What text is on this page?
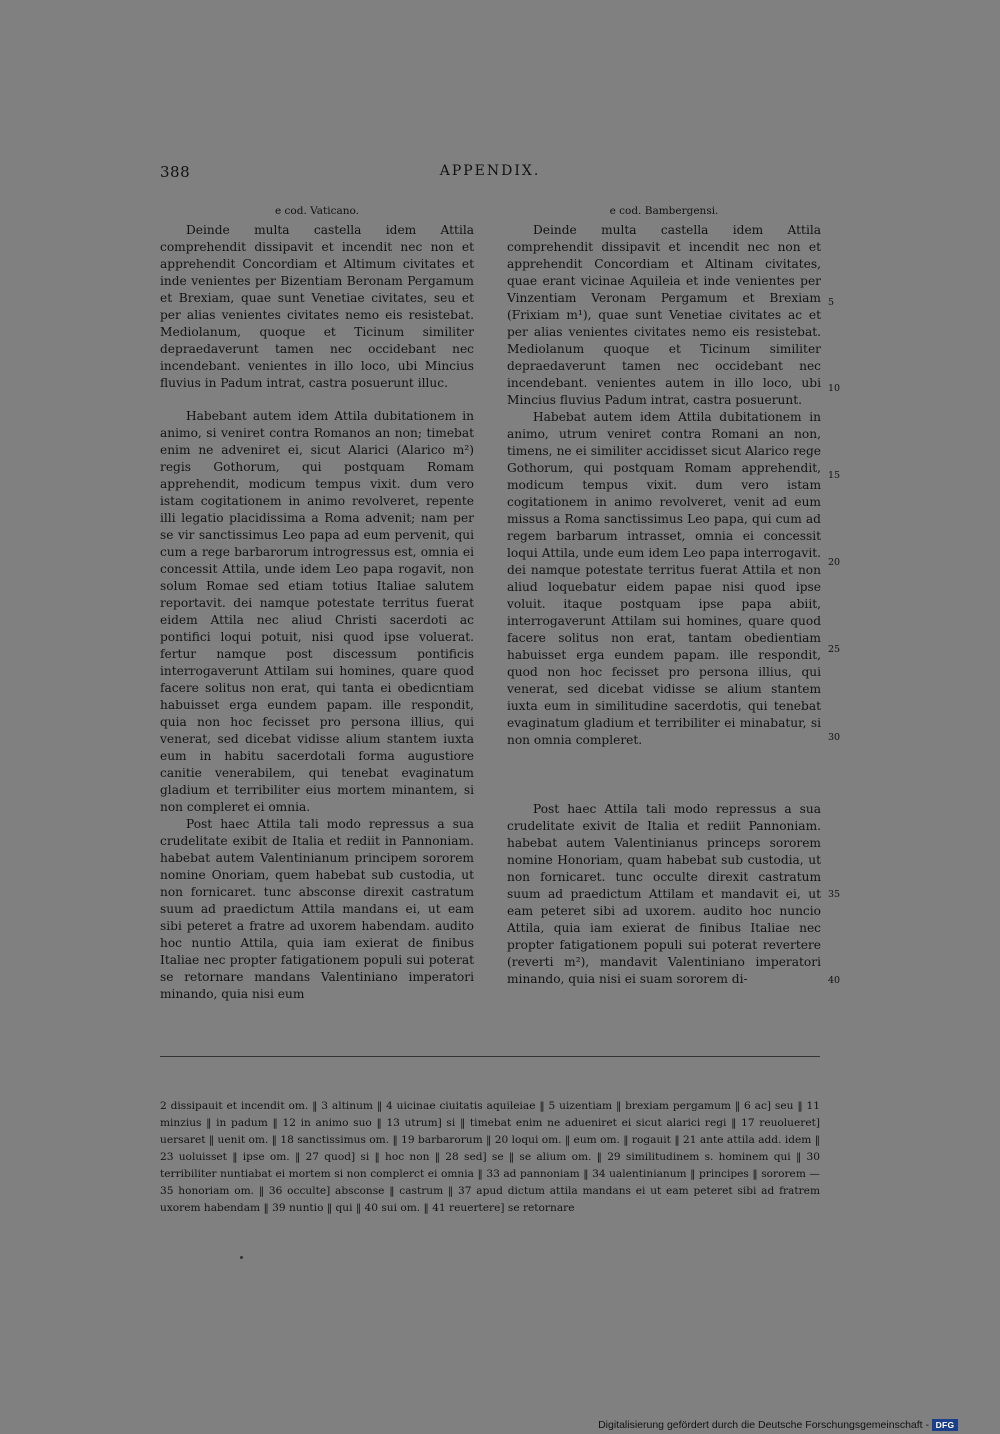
388	APPENDIX.
e cod. Vaticano.

Deinde multa castella idem Attila comprehendit dissipavit et incendit nec non et apprehendit Concordiam et Altimum civitates et inde venientes per Bizentiam Beronam Pergamum et Brexiam, quae sunt Venetiae civitates, seu et per alias venientes civitates nemo eis resistebat. Mediolanum, quoque et Ticinum similiter depraedaverunt tamen nec occidebant nec incendebant. venientes in illo loco, ubi Mincius fluvius in Padum intrat, castra posuerunt illuc.

Habebant autem idem Attila dubitationem in animo, si veniret contra Romanos an non; timebat enim ne adveniret ei, sicut Alarici (Alarico m²) regis Gothorum, qui postquam Romam apprehendit, modicum tempus vixit. dum vero istam cogitationem in animo revolveret, repente illi legatio placidissima a Roma advenit; nam per se vir sanctissimus Leo papa ad eum pervenit, qui cum a rege barbarorum introgressus est, omnia ei concessit Attila, unde idem Leo papa rogavit, non solum Romae sed etiam totius Italiae salutem reportavit. dei namque potestate territus fuerat eidem Attila nec aliud Christi sacerdoti ac pontifici loqui potuit, nisi quod ipse voluerat. fertur namque post discessum pontificis interrogaverunt Attilam sui homines, quare quod facere solitus non erat, qui tanta ei obedicntiam habuisset erga eundem papam. ille respondit, quia non hoc fecisset pro persona illius, qui venerat, sed dicebat vidisse alium stantem iuxta eum in habitu sacerdotali forma augustiore canitie venerabilem, qui tenebat evaginatum gladium et terribiliter eius mortem minantem, si non compleret ei omnia.

Post haec Attila tali modo repressus a sua crudelitate exibit de Italia et rediit in Pannoniam. habebat autem Valentinianum principem sororem nomine Onoriam, quem habebat sub custodia, ut non fornicaret. tunc absconse direxit castratum suum ad praedictum Attila mandans ei, ut eam sibi peteret a fratre ad uxorem habendam. audito hoc nuntio Attila, quia iam exierat de finibus Italiae nec propter fatigationem populi sui poterat se retornare mandans Valentiniano imperatori minando, quia nisi eum

e cod. Bambergensi.

Deinde multa castella idem Attila comprehendit dissipavit et incendit nec non et apprehendit Concordiam et Altinam civitates, quae erant vicinae Aquileia et inde venientes per Vinzentiam Veronam Pergamum et Brexiam (Frixiam m¹), quae sunt Venetiae civitates ac et per alias venientes civitates nemo eis resistebat. Mediolanum quoque et Ticinum similiter depraedaverunt tamen nec occidebant nec incendebant. venientes autem in illo loco, ubi Mincius fluvius Padum intrat, castra posuerunt.

Habebat autem idem Attila dubitationem in animo, utrum veniret contra Romani an non, timens, ne ei similiter accidisset sicut Alarico rege Gothorum, qui postquam Romam apprehendit, modicum tempus vixit. dum vero istam cogitationem in animo revolveret, venit ad eum missus a Roma sanctissimus Leo papa, qui cum ad regem barbarum intrasset, omnia ei concessit loqui Attila, unde eum idem Leo papa interrogavit. dei namque potestate territus fuerat Attila et non aliud loquebatur eidem papae nisi quod ipse voluit. itaque postquam ipse papa abiit, interrogaverunt Attilam sui homines, quare quod facere solitus non erat, tantam obedientiam habuisset erga eundem papam. ille respondit, quod non hoc fecisset pro persona illius, qui venerat, sed dicebat vidisse se alium stantem iuxta eum in similitudine sacerdotis, qui tenebat evaginatum gladium et terribiliter ei minabatur, si non omnia compleret.

Post haec Attila tali modo repressus a sua crudelitate exivit de Italia et rediit Pannoniam. habebat autem Valentinianus princeps sororem nomine Honoriam, quam habebat sub custodia, ut non fornicaret. tunc occulte direxit castratum suum ad praedictum Attilam et mandavit ei, ut eam peteret sibi ad uxorem. audito hoc nuncio Attila, quia iam exierat de finibus Italiae nec propter fatigationem populi sui poterat revertere (reverti m²), mandavit Valentiniano imperatori minando, quia nisi ei suam sororem di-

5
10
15
20
25
30
35
40
2 dissipauit et incendit om. ‖ 3 altinum ‖ 4 uicinae ciuitatis aquileiae ‖ 5 uizentiam ‖ brexiam pergamum ‖ 6 ac] seu ‖ 11 minzius ‖ in padum ‖ 12 in animo suo ‖ 13 utrum] si ‖ timebat enim ne adueniret ei sicut alarici regi ‖ 17 reuolueret] uersaret ‖ uenit om. ‖ 18 sanctissimus om. ‖ 19 barbarorum ‖ 20 loqui om. ‖ eum om. ‖ rogauit ‖ 21 ante attila add. idem ‖ 23 uoluisset ‖ ipse om. ‖ 27 quod] si ‖ hoc non ‖ 28 sed] se ‖ se alium om. ‖ 29 similitudinem s. hominem qui ‖ 30 terribiliter nuntiabat ei mortem si non complerct ei omnia ‖ 33 ad pannoniam ‖ 34 ualentinianum ‖ principes ‖ sororem — 35 honoriam om. ‖ 36 occulte] absconse ‖ castrum ‖ 37 apud dictum attila mandans ei ut eam peteret sibi ad fratrem uxorem habendam ‖ 39 nuntio ‖ qui ‖ 40 sui om. ‖ 41 reuertere] se retornare
Digitalisierung gefördert durch die Deutsche Forschungsgemeinschaft - DFG
